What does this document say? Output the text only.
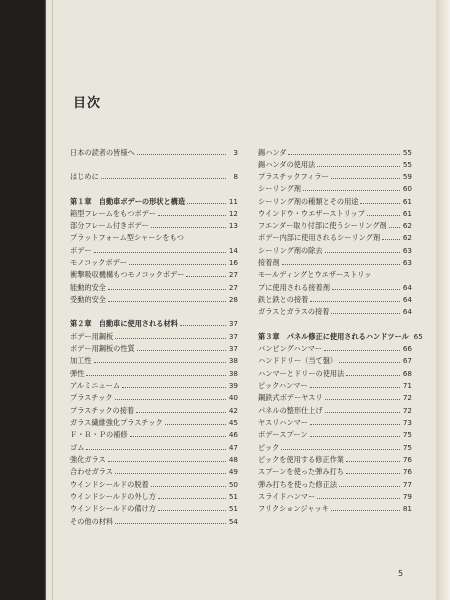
目次
日本の読者の皆様へ	3
はじめに	8
第１章　自動車ボデーの形状と構造	11
箱型フレームをもつボデー	12
部分フレーム付きボデー	13
プラットフォーム型シャーシをもつ
ボデー	14
モノコックボデー	16
衝撃吸収機構もつモノコックボデー	27
能動的安全	27
受動的安全	28
第２章　自動車に使用される材料	37
ボデー用鋼板	37
ボデー用鋼板の性質	37
加工性	38
弾性	38
アルミニューム	39
プラスチック	40
プラスチックの接着	42
ガラス繊維強化プラスチック	45
Ｆ・Ｒ・Ｐの補修	46
ゴム	47
強化ガラス	48
合わせガラス	49
ウインドシールドの脱着	50
ウインドシールドの外し方	51
ウインドシールドの備け方	51
その他の材料	54
錫ハンダ	55
錫ハンダの使用法	55
プラスチックフィラー	59
シーリング剤	60
シーリング剤の種類とその用途	61
ウインドウ・ウエザーストリップ	61
フエンダー取り付部に使うシーリング剤 62
ボデー内部に使用されるシーリング剤	62
シーリング剤の除去	63
接着剤	63
モールディングとウエザーストリッ
プに使用される接着剤	64
鉄と鉄との接着	64
ガラスとガラスの接着	64
第３章　パネル修正に使用されるハンドツール 65
バンピングハンマー	66
ハンドドリー（当て盤）	67
ハンマーとドリーの使用法	68
ピックハンマー	71
鋼鉄式ボデーヤスリ	72
パネルの整形仕上げ	72
ヤスリハンマー	73
ボデースプーン	75
ピック	75
ピックを使用する修正作業	76
スプーンを使った弾み打ち	76
弾み打ちを使った修正法	77
スライドハンマー	79
フリクションジャッキ	81
5
